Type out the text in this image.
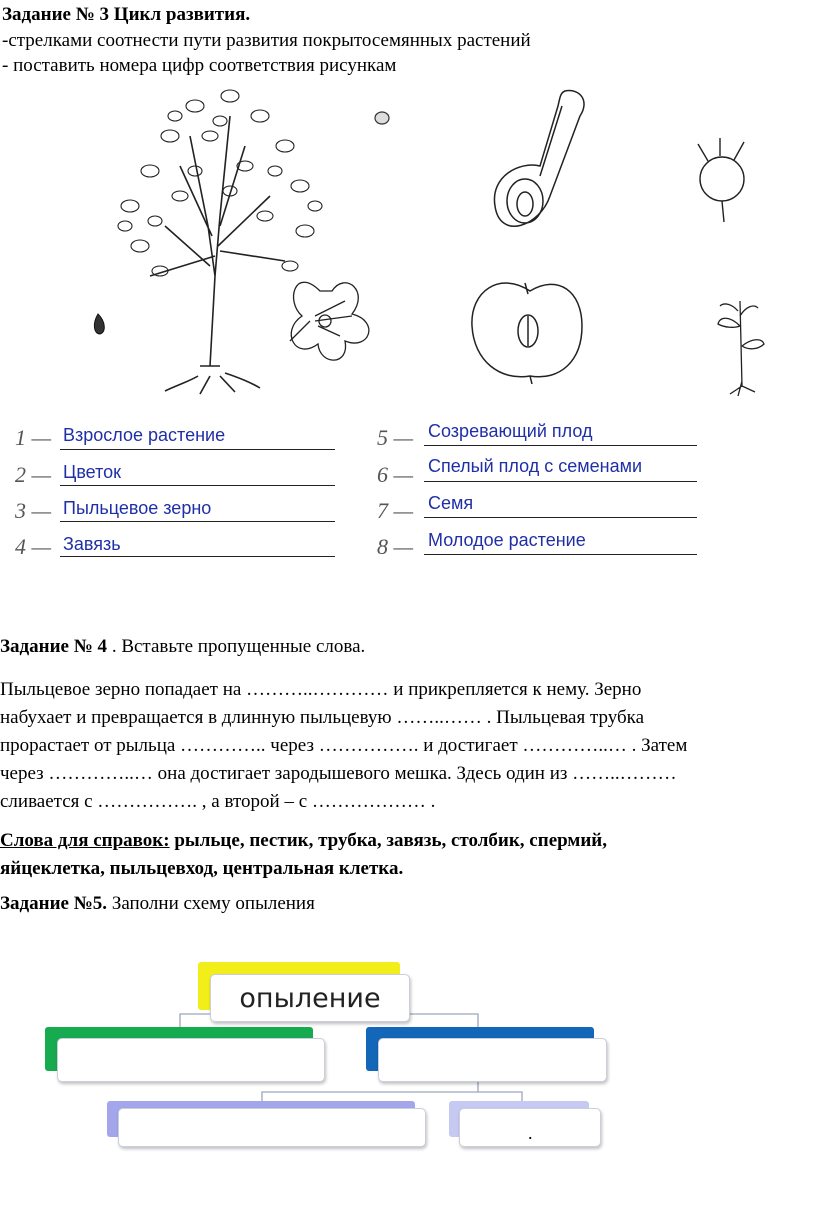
Задание № 3 Цикл развития.
-стрелками соотнести пути развития покрытосемянных растений
- поставить номера цифр соответствия рисункам
1 — Взрослое растение
2 — Цветок
3 — Пыльцевое зерно
4 — Завязь
5 — Созревающий плод
6 — Спелый плод с семенами
7 — Семя
8 — Молодое растение
Задание № 4 . Вставьте пропущенные слова.
Пыльцевое зерно попадает на ………..………… и прикрепляется к нему. Зерно
набухает и превращается в длинную пыльцевую ……..…… . Пыльцевая трубка
прорастает от рыльца ………….. через ……………. и достигает …………..… . Затем
через …………..… она достигает зародышевого мешка. Здесь один из ……..………
сливается с ……………. , а второй – с ……………… .
Слова для справок: рыльце, пестик, трубка, завязь, столбик, спермий,
яйцеклетка, пыльцевход, центральная клетка.
Задание №5. Заполни схему опыления
опыление
.
